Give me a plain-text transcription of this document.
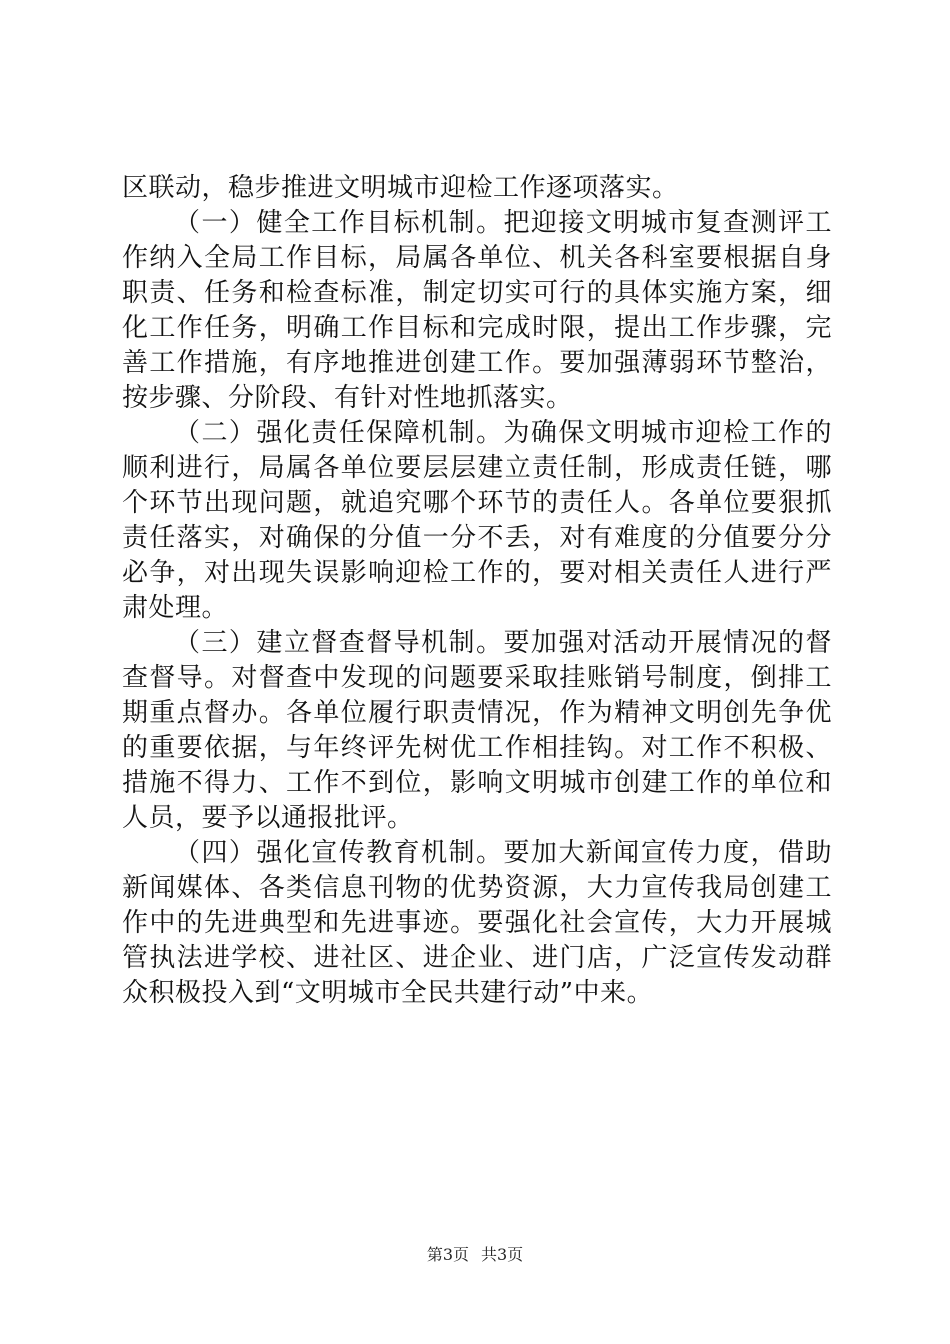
区联动，稳步推进文明城市迎检工作逐项落实。

（一）健全工作目标机制。把迎接文明城市复查测评工作纳入全局工作目标，局属各单位、机关各科室要根据自身职责、任务和检查标准，制定切实可行的具体实施方案，细化工作任务，明确工作目标和完成时限，提出工作步骤，完善工作措施，有序地推进创建工作。要加强薄弱环节整治，按步骤、分阶段、有针对性地抓落实。

（二）强化责任保障机制。为确保文明城市迎检工作的顺利进行，局属各单位要层层建立责任制，形成责任链，哪个环节出现问题，就追究哪个环节的责任人。各单位要狠抓责任落实，对确保的分值一分不丢，对有难度的分值要分分必争，对出现失误影响迎检工作的，要对相关责任人进行严肃处理。

（三）建立督查督导机制。要加强对活动开展情况的督查督导。对督查中发现的问题要采取挂账销号制度，倒排工期重点督办。各单位履行职责情况，作为精神文明创先争优的重要依据，与年终评先树优工作相挂钩。对工作不积极、措施不得力、工作不到位，影响文明城市创建工作的单位和人员，要予以通报批评。

（四）强化宣传教育机制。要加大新闻宣传力度，借助新闻媒体、各类信息刊物的优势资源，大力宣传我局创建工作中的先进典型和先进事迹。要强化社会宣传，大力开展城管执法进学校、进社区、进企业、进门店，广泛宣传发动群众积极投入到“文明城市全民共建行动”中来。

第3页 共3页
